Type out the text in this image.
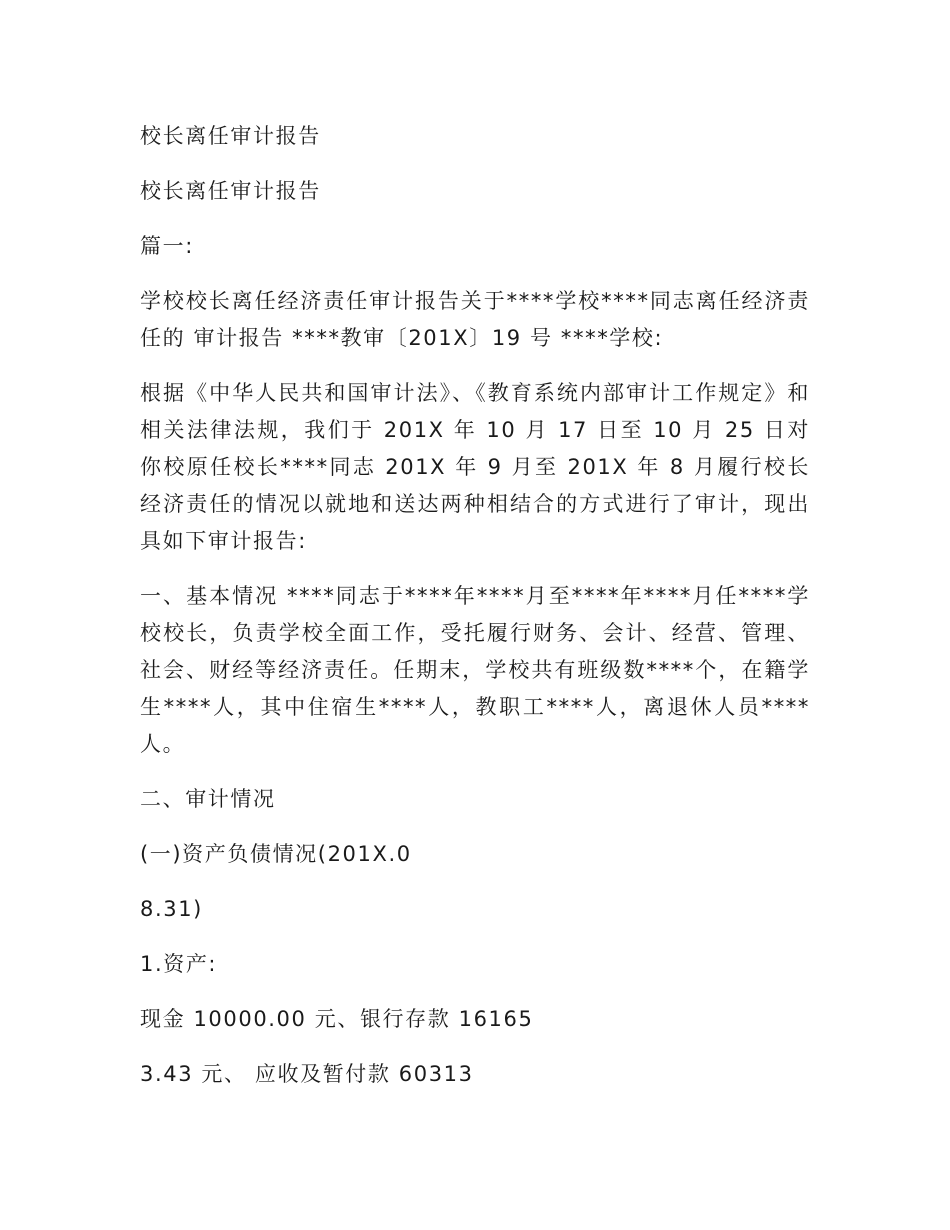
校长离任审计报告

校长离任审计报告

篇一:

学校校长离任经济责任审计报告关于****学校****同志离任经济责任的 审计报告 ****教审〔201X〕19 号 ****学校:

根据《中华人民共和国审计法》、《教育系统内部审计工作规定》和相关法律法规，我们于 201X 年 10 月 17 日至 10 月 25 日对你校原任校长****同志 201X 年 9 月至 201X 年 8 月履行校长经济责任的情况以就地和送达两种相结合的方式进行了审计，现出具如下审计报告:

一、基本情况 ****同志于****年****月至****年****月任****学校校长，负责学校全面工作，受托履行财务、会计、经营、管理、社会、财经等经济责任。任期末，学校共有班级数****个，在籍学生****人，其中住宿生****人，教职工****人，离退休人员****人。

二、审计情况

(一)资产负债情况(201X.0

8.31)

1.资产:

现金 10000.00 元、银行存款 16165

3.43 元、 应收及暂付款 60313
